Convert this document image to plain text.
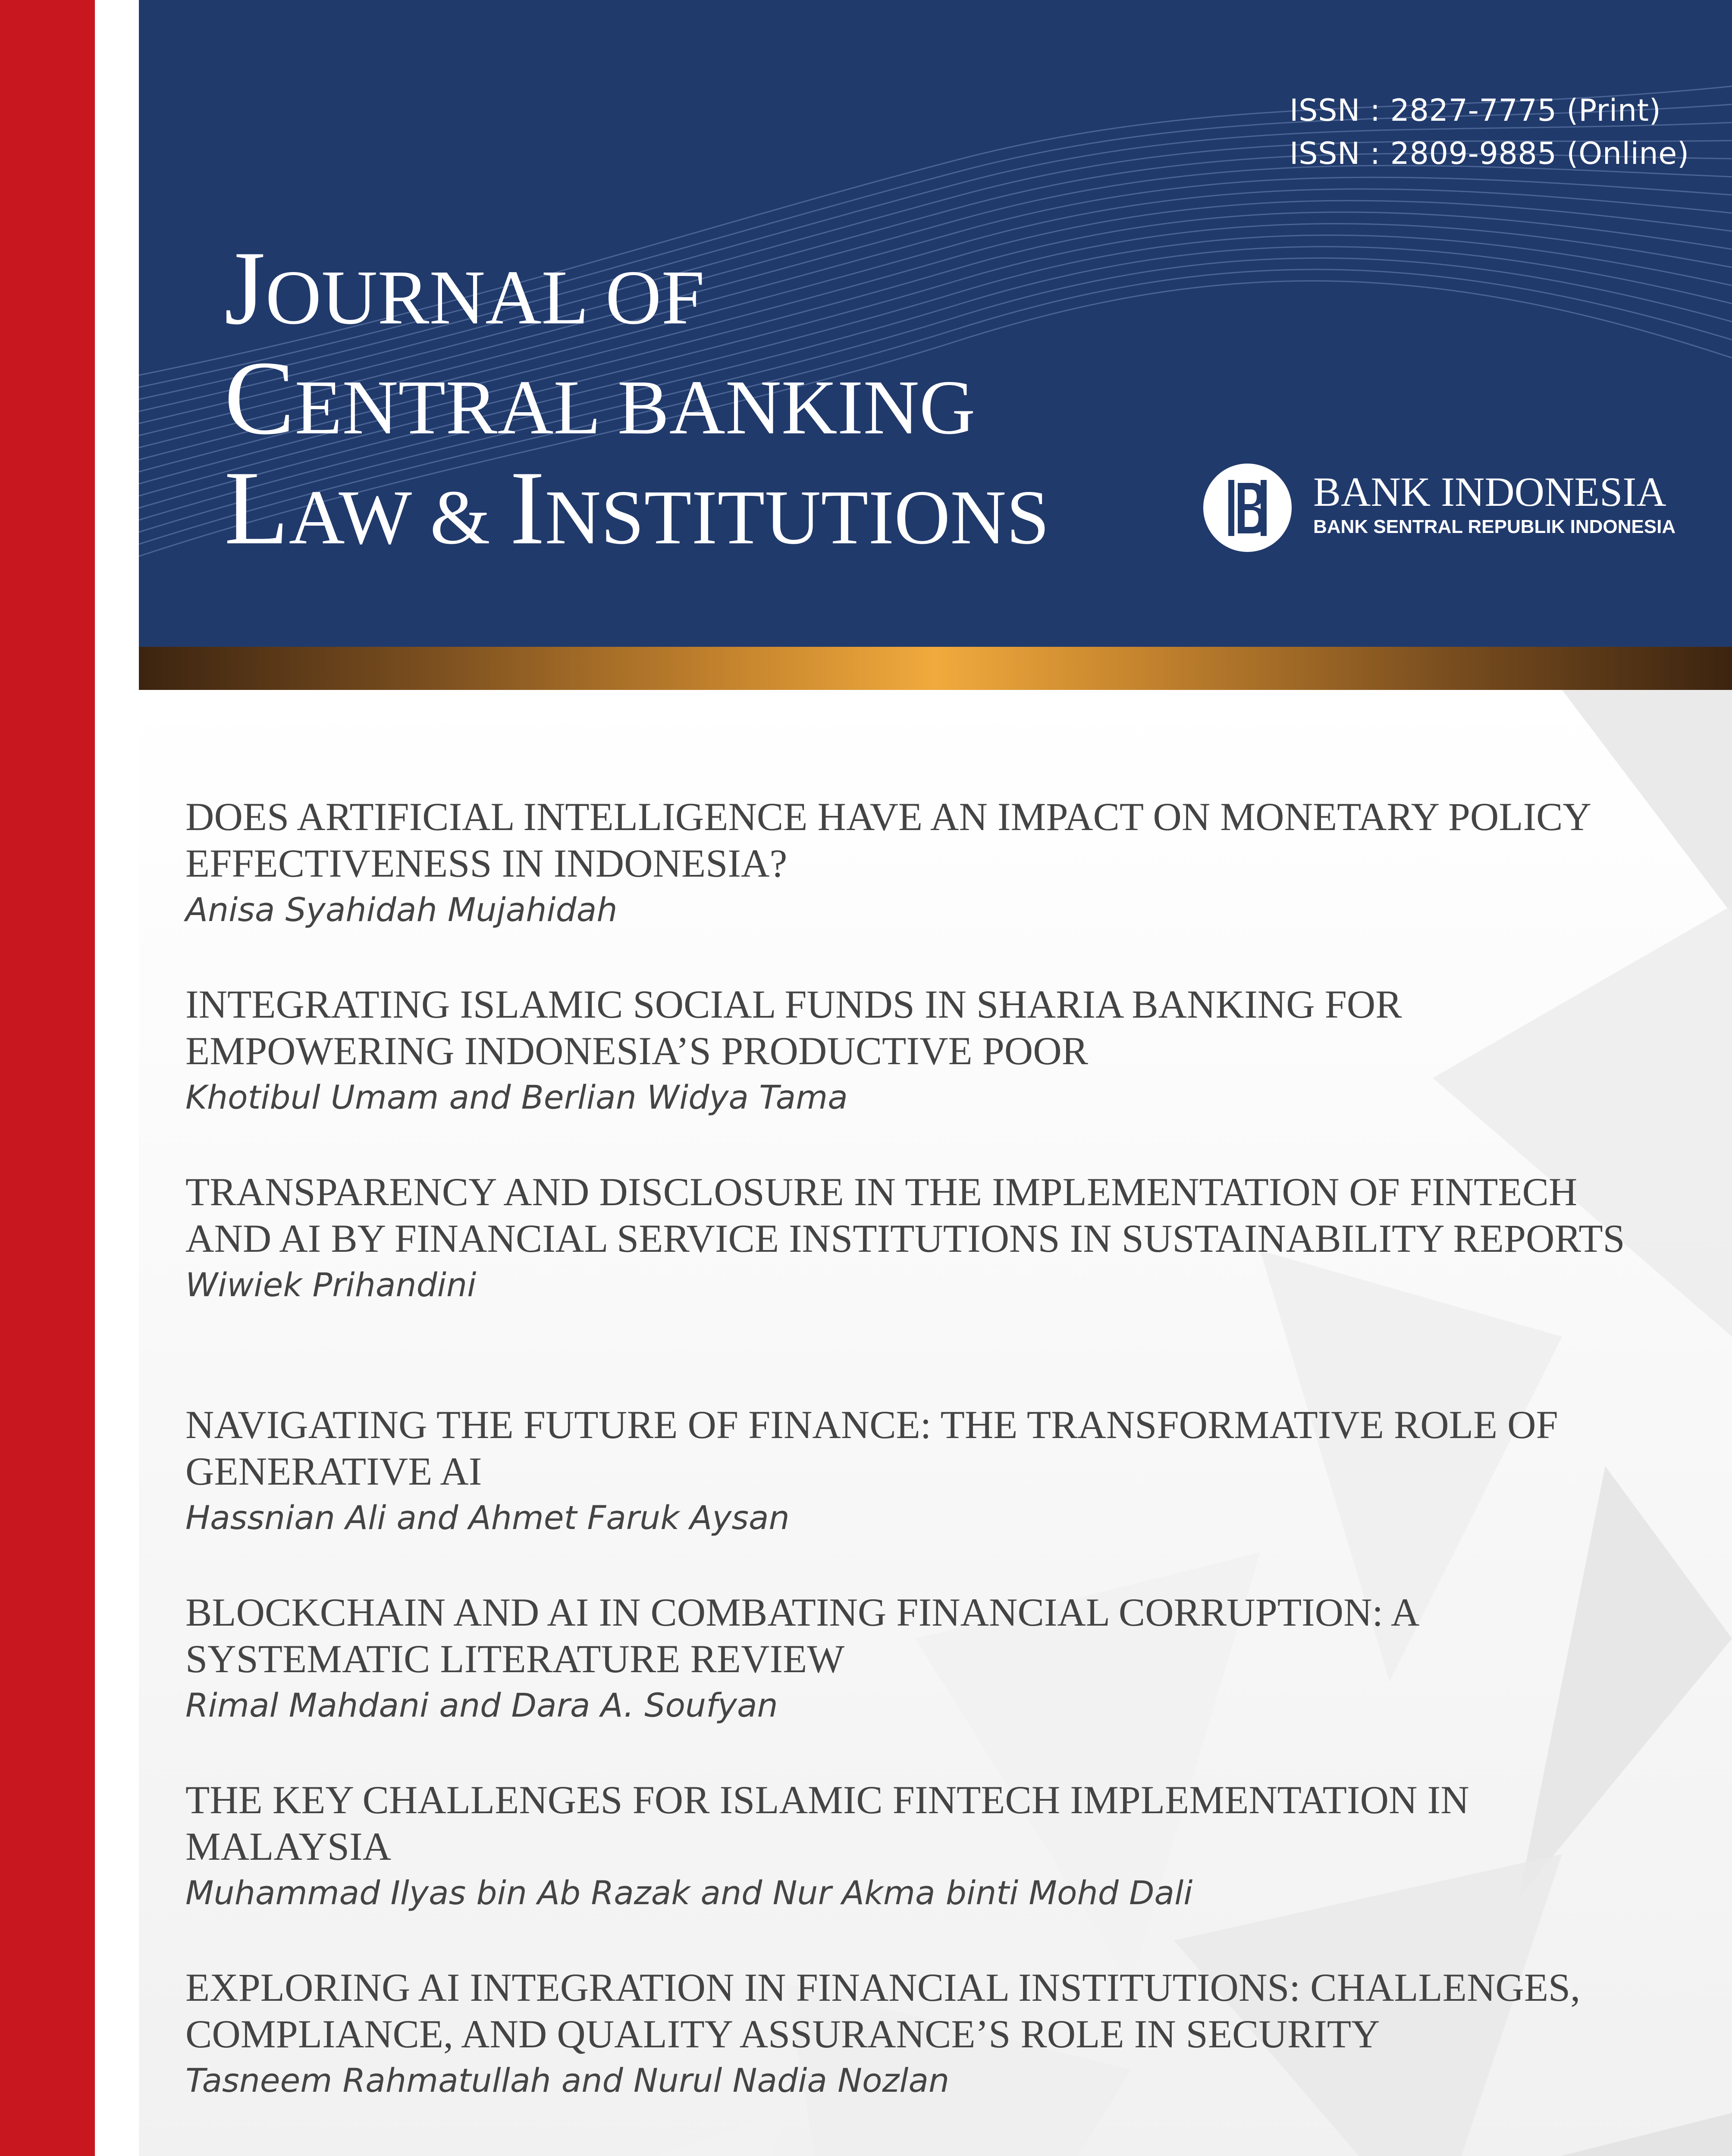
ISSN : 2827-7775 (Print)
ISSN : 2809-9885 (Online)
JOURNAL OF
CENTRAL BANKING
LAW & INSTITUTIONS	BANK INDONESIA
BANK SENTRAL REPUBLIK INDONESIA
DOES ARTIFICIAL INTELLIGENCE HAVE AN IMPACT ON MONETARY POLICY EFFECTIVENESS IN INDONESIA?
Anisa Syahidah Mujahidah
INTEGRATING ISLAMIC SOCIAL FUNDS IN SHARIA BANKING FOR EMPOWERING INDONESIA’S PRODUCTIVE POOR
Khotibul Umam and Berlian Widya Tama
TRANSPARENCY AND DISCLOSURE IN THE IMPLEMENTATION OF FINTECH AND AI BY FINANCIAL SERVICE INSTITUTIONS IN SUSTAINABILITY REPORTS
Wiwiek Prihandini
NAVIGATING THE FUTURE OF FINANCE: THE TRANSFORMATIVE ROLE OF GENERATIVE AI
Hassnian Ali and Ahmet Faruk Aysan
BLOCKCHAIN AND AI IN COMBATING FINANCIAL CORRUPTION: A SYSTEMATIC LITERATURE REVIEW
Rimal Mahdani and Dara A. Soufyan
THE KEY CHALLENGES FOR ISLAMIC FINTECH IMPLEMENTATION IN MALAYSIA
Muhammad Ilyas bin Ab Razak and Nur Akma binti Mohd Dali
EXPLORING AI INTEGRATION IN FINANCIAL INSTITUTIONS: CHALLENGES, COMPLIANCE, AND QUALITY ASSURANCE’S ROLE IN SECURITY
Tasneem Rahmatullah and Nurul Nadia Nozlan
